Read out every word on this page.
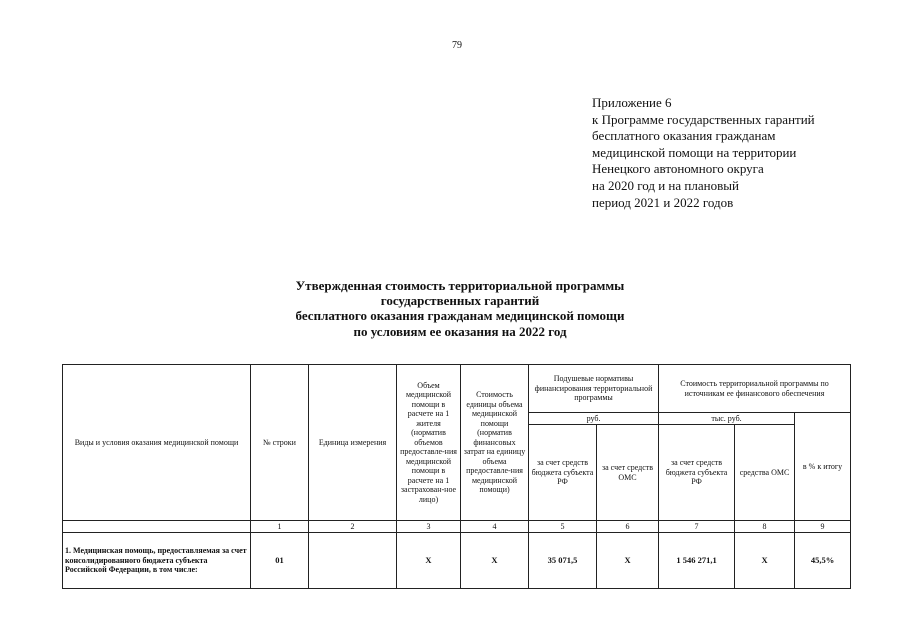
79
Приложение 6
к Программе государственных гарантий
бесплатного оказания гражданам
медицинской помощи на территории
Ненецкого автономного округа
на 2020 год и на плановый
период 2021 и 2022 годов
Утвержденная стоимость территориальной программы
государственных гарантий
бесплатного оказания гражданам медицинской помощи
по условиям ее оказания на 2022 год
Виды и условия оказания медицинской помощи	№ строки	Единица измерения	Объем медицинской помощи в расчете на 1 жителя (норматив объемов предоставле-ния медицинской помощи в расчете на 1 застрахован-ное лицо)	Стоимость единицы объема медицинской помощи (норматив финансовых затрат на единицу объема предоставле-ния медицинской помощи)	Подушевые нормативы финансирования территориальной программы		Стоимость территориальной программы по источникам ее финансового обеспечения		
					руб.		тыс. руб.		в % к итогу
					за счет средств бюджета субъекта РФ	за счет средств ОМС	за счет средств бюджета субъекта РФ	средства ОМС	
	1	2	3	4	5	6	7	8	9
1. Медицинская помощь, предоставляемая за счет консолидированного бюджета субъекта Российской Федерации, в том числе:	01		X	X	35 071,5	X	1 546 271,1	X	45,5%
